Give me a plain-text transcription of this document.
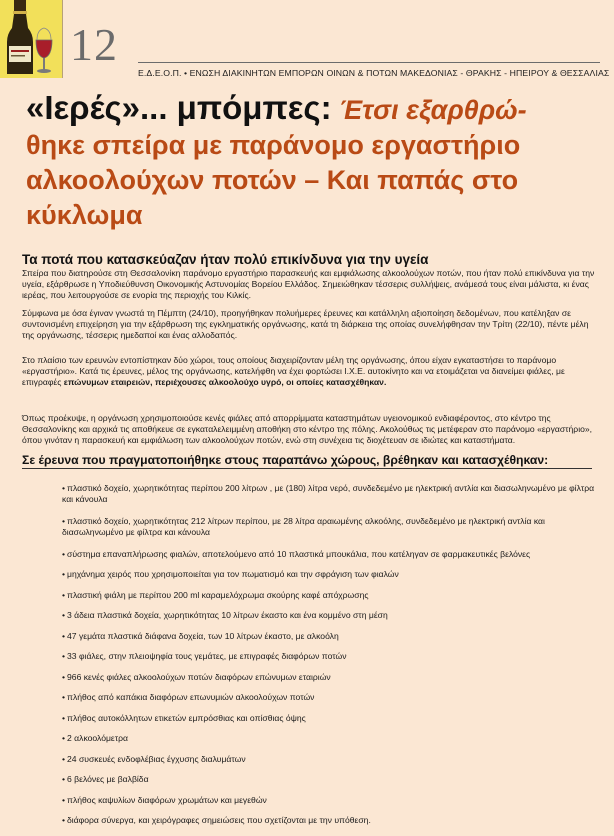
12
Ε.Δ.Ε.Ο.Π. • ΕΝΩΣΗ ΔΙΑΚΙΝΗΤΩΝ ΕΜΠΟΡΩΝ ΟΙΝΩΝ & ΠΟΤΩΝ ΜΑΚΕΔΟΝΙΑΣ - ΘΡΑΚΗΣ - ΗΠΕΙΡΟΥ & ΘΕΣΣΑΛΙΑΣ
«Ιερές»... μπόμπες: Έτσι εξαρθρώ-
θηκε σπείρα με παράνομο εργαστήριο
αλκοολούχων ποτών – Και παπάς στο
κύκλωμα
Τα ποτά που κατασκεύαζαν ήταν πολύ επικίνδυνα για την υγεία
Σπείρα που διατηρούσε στη Θεσσαλονίκη παράνομο εργαστήριο παρασκευής και εμφιάλωσης αλκοολούχων ποτών, που ήταν πολύ επικίνδυνα για την υγεία, εξάρθρωσε η Υποδιεύθυνση Οικονομικής Αστυνομίας Βορείου Ελλάδος. Σημειώθηκαν τέσσερις συλλήψεις, ανάμεσά τους είναι μάλιστα, κι ένας ιερέας, που λειτουργούσε σε ενορία της περιοχής του Κιλκίς.
Σύμφωνα με όσα έγιναν γνωστά τη Πέμπτη (24/10), προηγήθηκαν πολυήμερες έρευνες και κατάλληλη αξιοποίηση δεδομένων, που κατέληξαν σε συντονισμένη επιχείρηση για την εξάρθρωση της εγκληματικής οργάνωσης, κατά τη διάρκεια της οποίας συνελήφθησαν την Τρίτη (22/10), πέντε μέλη της οργάνωσης, τέσσερις ημεδαποί και ένας αλλοδαπός.
Στο πλαίσιο των ερευνών εντοπίστηκαν δύο χώροι, τους οποίους διαχειρίζονταν μέλη της οργάνωσης, όπου είχαν εγκαταστήσει το παράνομο «εργαστήριο». Κατά τις έρευνες, μέλος της οργάνωσης, κατελήφθη να έχει φορτώσει Ι.Χ.Ε. αυτοκίνητο και να ετοιμάζεται να διανείμει φιάλες, με επιγραφές επώνυμων εταιρειών, περιέχουσες αλκοολούχο υγρό, οι οποίες κατασχέθηκαν.
Όπως προέκυψε, η οργάνωση χρησιμοποιούσε κενές φιάλες από απορρίμματα καταστημάτων υγειονομικού ενδιαφέροντος, στο κέντρο της Θεσσαλονίκης και αρχικά τις αποθήκευε σε εγκαταλελειμμένη αποθήκη στο κέντρο της πόλης. Ακολούθως τις μετέφεραν στο παράνομο «εργαστήριο», όπου γινόταν η παρασκευή και εμφιάλωση των αλκοολούχων ποτών, ενώ στη συνέχεια τις διοχέτευαν σε ιδιώτες και καταστήματα.
Σε έρευνα που πραγματοποιήθηκε στους παραπάνω χώρους, βρέθηκαν και κατασχέθηκαν:
• πλαστικό δοχείο, χωρητικότητας περίπου 200 λίτρων , με (180) λίτρα νερό, συνδεδεμένο με ηλεκτρική αντλία και διασωληνωμένο με φίλτρα και κάνουλα
• πλαστικό δοχείο, χωρητικότητας 212 λίτρων περίπου, με 28 λίτρα αραιωμένης αλκοόλης, συνδεδεμένο με ηλεκτρική αντλία και διασωληνωμένο με φίλτρα και κάνουλα
• σύστημα επαναπλήρωσης φιαλών, αποτελούμενο από 10 πλαστικά μπουκάλια, που κατέληγαν σε φαρμακευτικές βελόνες
• μηχάνημα χειρός που χρησιμοποιείται για τον πωματισμό και την σφράγιση των φιαλών
• πλαστική φιάλη με περίπου 200 ml καραμελόχρωμα σκούρης καφέ απόχρωσης
• 3 άδεια πλαστικά δοχεία, χωρητικότητας 10 λίτρων έκαστο και ένα κομμένο στη μέση
• 47 γεμάτα πλαστικά διάφανα δοχεία, των 10 λίτρων έκαστο, με αλκοόλη
• 33 φιάλες, στην πλειοψηφία τους γεμάτες, με επιγραφές διαφόρων ποτών
• 966 κενές φιάλες αλκοολούχων ποτών διαφόρων επώνυμων εταιριών
• πλήθος από καπάκια διαφόρων επωνυμιών αλκοολούχων ποτών
• πλήθος αυτοκόλλητων ετικετών εμπρόσθιας και οπίσθιας όψης
• 2 αλκοολόμετρα
• 24 συσκευές ενδοφλέβιας έγχυσης διαλυμάτων
• 6 βελόνες με βαλβίδα
• πλήθος καψυλίων διαφόρων χρωμάτων και μεγεθών
• διάφορα σύνεργα, και χειρόγραφες σημειώσεις που σχετίζονται με την υπόθεση.
